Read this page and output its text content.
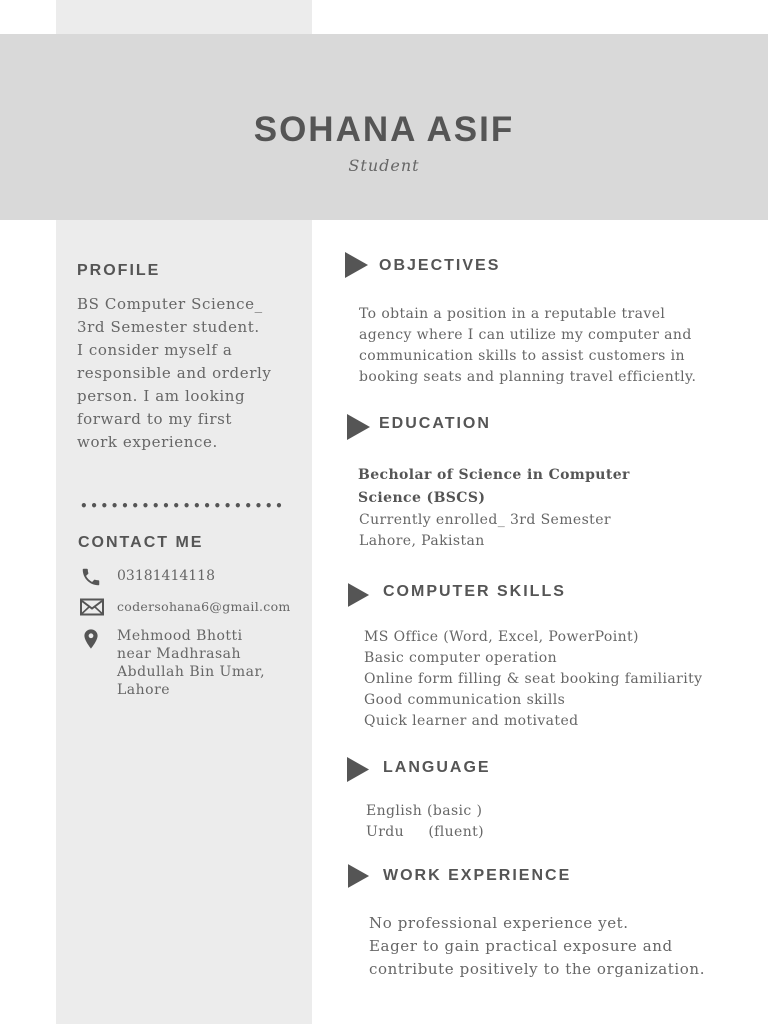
SOHANA ASIF
Student
PROFILE

BS Computer Science_
3rd Semester student.
I consider myself a
responsible and orderly
person. I am looking
forward to my first
work experience.

••••••••••••••••••••
CONTACT ME
03181414118
codersohana6@gmail.com
Mehmood Bhotti
near Madhrasah
Abdullah Bin Umar,
Lahore
OBJECTIVES

To obtain a position in a reputable travel
agency where I can utilize my computer and
communication skills to assist customers in
booking seats and planning travel efficiently.

EDUCATION

Becholar of Science in Computer
Science (BSCS)

Currently enrolled_ 3rd Semester

Lahore, Pakistan

COMPUTER SKILLS
MS Office (Word, Excel, PowerPoint)
Basic computer operation
Online form filling & seat booking familiarity
Good communication skills
Quick learner and motivated
LANGUAGE
English (basic )
Urdu     (fluent)
WORK EXPERIENCE

No professional experience yet.
Eager to gain practical exposure and
contribute positively to the organization.
